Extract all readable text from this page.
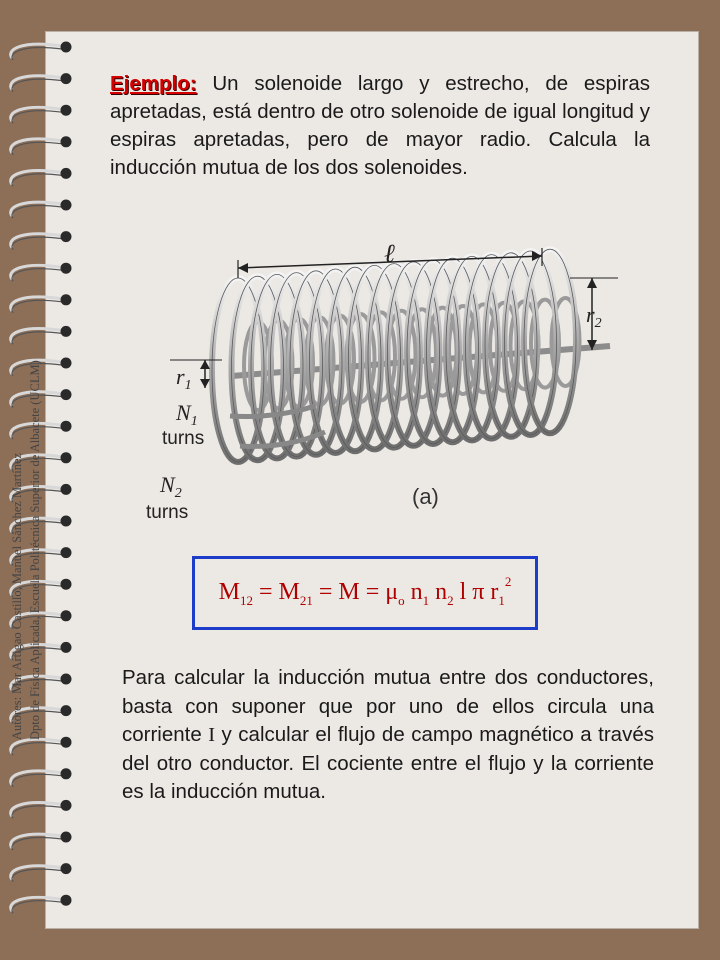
Autores: Mar Artigao Castillo, Manuel Sánchez Martínez Dpto de Física Aplicada, Escuela Politécnica Superior de Albacete (UCLM)
Ejemplo: Un solenoide largo y estrecho, de espiras apretadas, está dentro de otro solenoide de igual longitud y espiras apretadas, pero de mayor radio. Calcula la inducción mutua de los dos solenoides.
ℓ
$r_2$
$r_1$
$N_1$
turns
$N_2$
turns
(a)
$M_{12} = M_{21} = M = \mu_o$ $n_1$ $n_2$ l π $r_1^2$
Para calcular la inducción mutua entre dos conductores, basta con suponer que por uno de ellos circula una corriente I y calcular el flujo de campo magnético a través del otro conductor. El cociente entre el flujo y la corriente es la inducción mutua.
